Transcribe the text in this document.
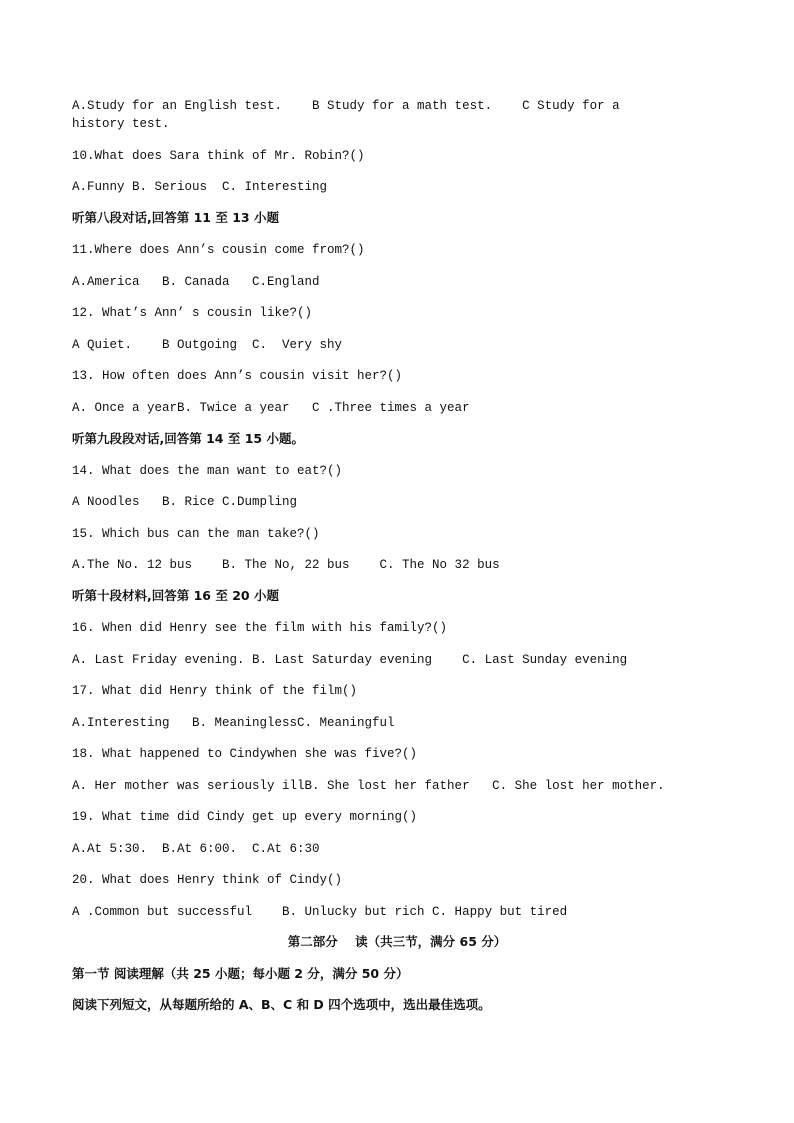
A.Study for an English test.    B Study for a math test.    C Study for a history test.
10.What does Sara think of Mr. Robin?()
A.Funny B. Serious  C. Interesting
听第八段对话,回答第 11 至 13 小题
11.Where does Ann’s cousin come from?()
A.America   B. Canada   C.England
12. What’s Ann’ s cousin like?()
A Quiet.    B Outgoing  C.  Very shy
13. How often does Ann’s cousin visit her?()
A. Once a yearB. Twice a year   C .Three times a year
听第九段段对话,回答第 14 至 15 小题。
14. What does the man want to eat?()
A Noodles   B. Rice C.Dumpling
15. Which bus can the man take?()
A.The No. 12 bus    B. The No, 22 bus    C. The No 32 bus
听第十段材料,回答第 16 至 20 小题
16. When did Henry see the film with his family?()
A. Last Friday evening. B. Last Saturday evening    C. Last Sunday evening
17. What did Henry think of the film()
A.Interesting   B. MeaninglessC. Meaningful
18. What happened to Cindywhen she was five?()
A. Her mother was seriously illB. She lost her father   C. She lost her mother.
19. What time did Cindy get up every morning()
A.At 5:30.  B.At 6:00.  C.At 6:30
20. What does Henry think of Cindy()
A .Common but successful    B. Unlucky but rich C. Happy but tired
第二部分    读（共三节，满分 65 分）
第一节 阅读理解（共 25 小题；每小题 2 分，满分 50 分）
阅读下列短文，从每题所给的 A、B、C 和 D 四个选项中，选出最佳选项。
